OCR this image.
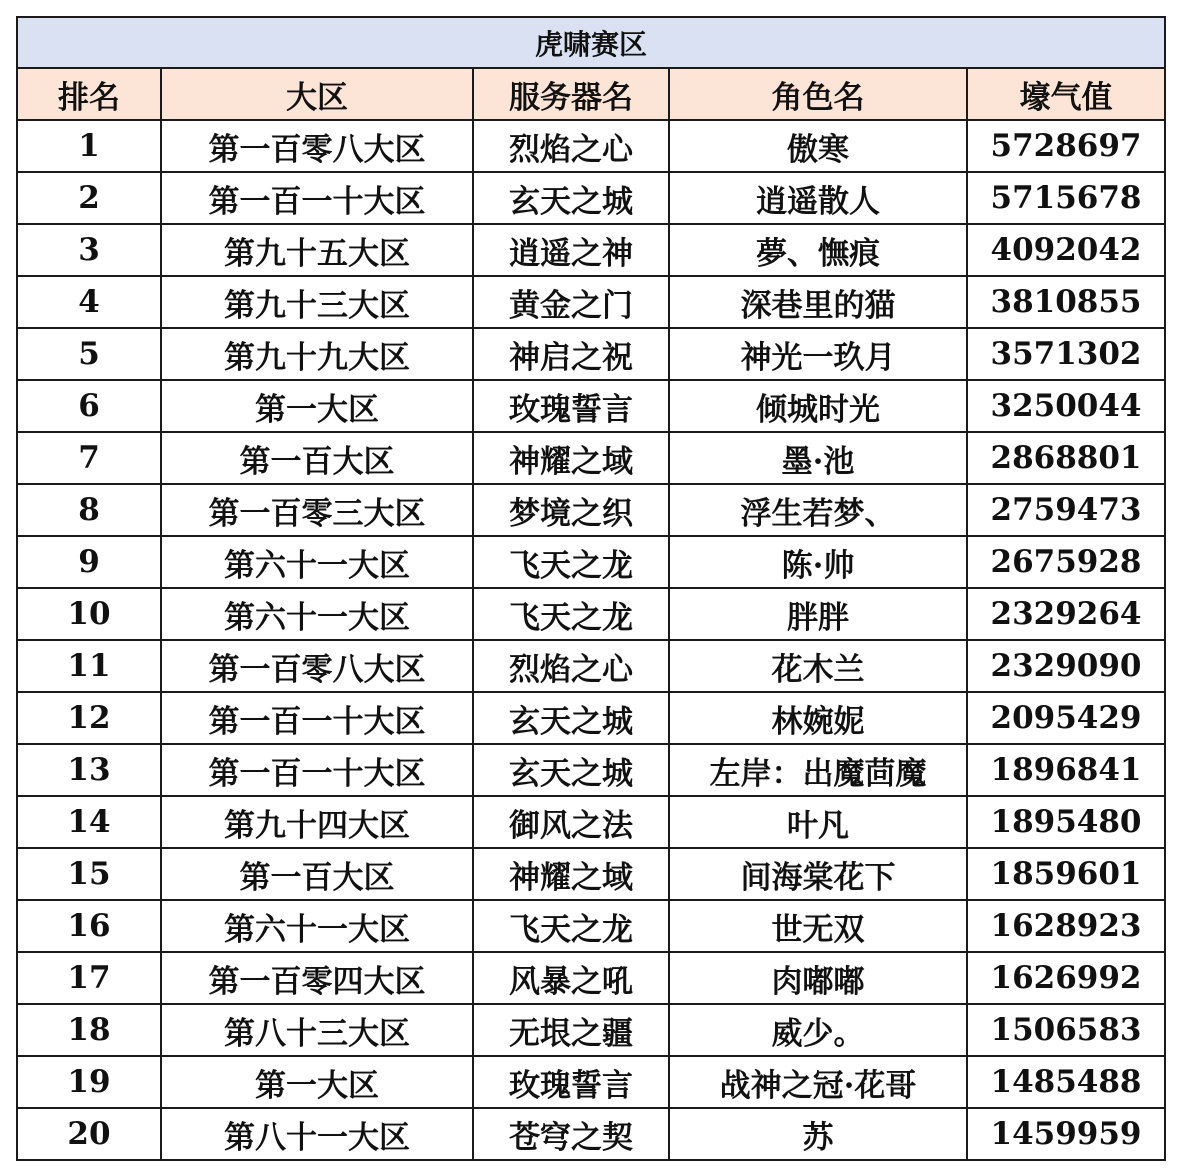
虎啸赛区				
排名	大区	服务器名	角色名	壕气值
1	第一百零八大区	烈焰之心	傲寒	5728697
2	第一百一十大区	玄天之城	逍遥散人	5715678
3	第九十五大区	逍遥之神	夢、憮痕	4092042
4	第九十三大区	黄金之门	深巷里的猫	3810855
5	第九十九大区	神启之祝	神光一玖月	3571302
6	第一大区	玫瑰誓言	倾城时光	3250044
7	第一百大区	神耀之域	墨·池	2868801
8	第一百零三大区	梦境之织	浮生若梦、	2759473
9	第六十一大区	飞天之龙	陈·帅	2675928
10	第六十一大区	飞天之龙	胖胖	2329264
11	第一百零八大区	烈焰之心	花木兰	2329090
12	第一百一十大区	玄天之城	林婉妮	2095429
13	第一百一十大区	玄天之城	左岸：出魔茴魔	1896841
14	第九十四大区	御风之法	叶凡	1895480
15	第一百大区	神耀之域	间海棠花下	1859601
16	第六十一大区	飞天之龙	世无双	1628923
17	第一百零四大区	风暴之吼	肉嘟嘟	1626992
18	第八十三大区	无垠之疆	威少。	1506583
19	第一大区	玫瑰誓言	战神之冠·花哥	1485488
20	第八十一大区	苍穹之契	苏	1459959
